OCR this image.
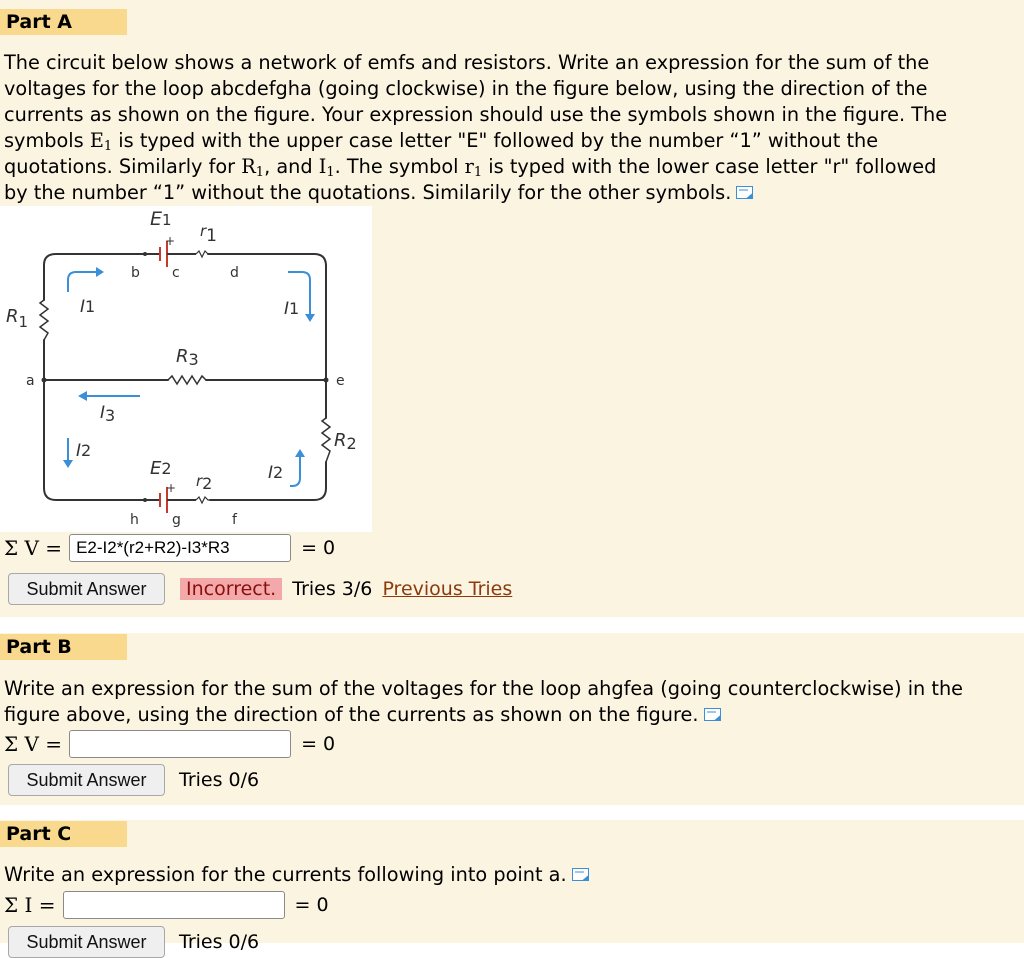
Part A

The circuit below shows a network of emfs and resistors. Write an expression for the sum of the

voltages for the loop abcdefgha (going clockwise) in the figure below, using the direction of the

currents as shown on the figure. Your expression should use the symbols shown in the figure. The

symbols $E_1$ is typed with the upper case letter "E" followed by the number “1” without the

quotations. Similarly for $R_1$, and $I_1$. The symbol $r_1$ is typed with the lower case letter "r" followed

by the number “1” without the quotations. Similarily for the other symbols.

E1
r1
+
$R_1$
I1	I1
R3
I3
I2
I2
R2
E2
r2
+
a
b c	d
e
f
g
h
Σ V = E2-I2*(r2+R2)-I3*R3	= 0
Submit Answer	Incorrect. Tries 3/6 Previous Tries
Part B

Write an expression for the sum of the voltages for the loop ahgfea (going counterclockwise) in the

figure above, using the direction of the currents as shown on the figure.

Σ V =	= 0
Submit Answer	Tries 0/6
Part C

Write an expression for the currents following into point a.

Σ I =	= 0
Submit Answer	Tries 0/6
